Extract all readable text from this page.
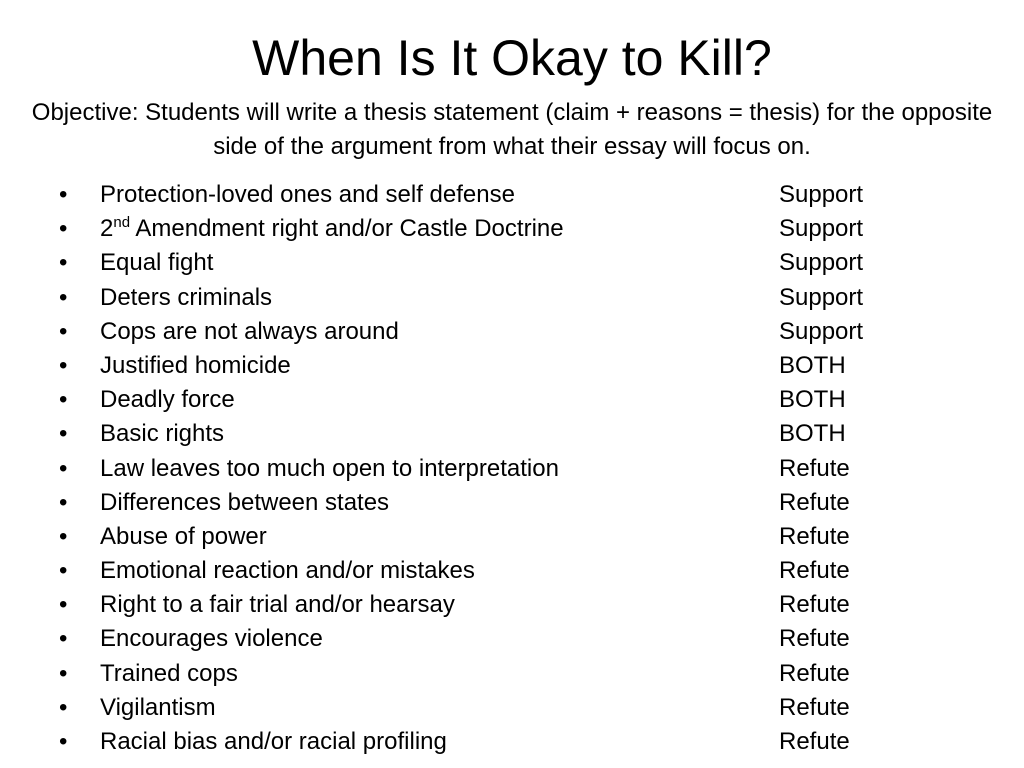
When Is It Okay to Kill?

Objective: Students will write a thesis statement (claim + reasons = thesis) for the opposite side of the argument from what their essay will focus on.

• Protection-loved ones and self defense	Support
• 2nd Amendment right and/or Castle Doctrine	Support
• Equal fight	Support
• Deters criminals	Support
• Cops are not always around	Support
• Justified homicide	BOTH
• Deadly force	BOTH
• Basic rights	BOTH
• Law leaves too much open to interpretation	Refute
• Differences between states	Refute
• Abuse of power	Refute
• Emotional reaction and/or mistakes	Refute
• Right to a fair trial and/or hearsay	Refute
• Encourages violence	Refute
• Trained cops	Refute
• Vigilantism	Refute
• Racial bias and/or racial profiling	Refute
